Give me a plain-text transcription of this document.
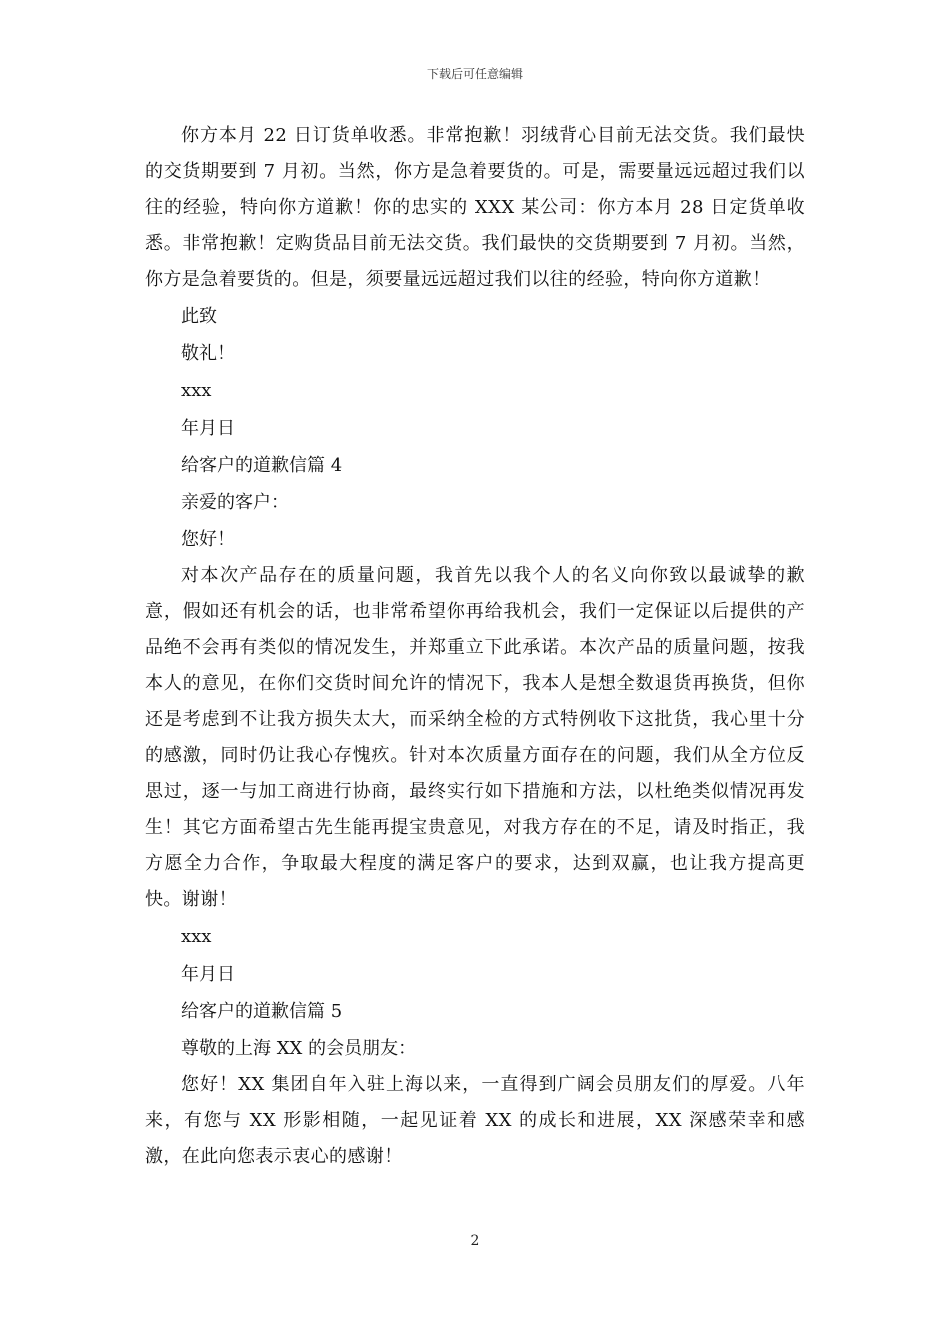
下载后可任意编辑

你方本月 22 日订货单收悉。非常抱歉！羽绒背心目前无法交货。我们最快的交货期要到 7 月初。当然，你方是急着要货的。可是，需要量远远超过我们以往的经验，特向你方道歉！你的忠实的 XXX 某公司：你方本月 28 日定货单收悉。非常抱歉！定购货品目前无法交货。我们最快的交货期要到 7 月初。当然，你方是急着要货的。但是，须要量远远超过我们以往的经验，特向你方道歉！

此致

敬礼！

xxx

年月日

给客户的道歉信篇 4

亲爱的客户：

您好！

对本次产品存在的质量问题，我首先以我个人的名义向你致以最诚挚的歉意，假如还有机会的话，也非常希望你再给我机会，我们一定保证以后提供的产品绝不会再有类似的情况发生，并郑重立下此承诺。本次产品的质量问题，按我本人的意见，在你们交货时间允许的情况下，我本人是想全数退货再换货，但你还是考虑到不让我方损失太大，而采纳全检的方式特例收下这批货，我心里十分的感激，同时仍让我心存愧疚。针对本次质量方面存在的问题，我们从全方位反思过，逐一与加工商进行协商，最终实行如下措施和方法，以杜绝类似情况再发生！其它方面希望古先生能再提宝贵意见，对我方存在的不足，请及时指正，我方愿全力合作，争取最大程度的满足客户的要求，达到双赢，也让我方提高更快。谢谢！

xxx

年月日

给客户的道歉信篇 5

尊敬的上海 XX 的会员朋友：

您好！XX 集团自年入驻上海以来，一直得到广阔会员朋友们的厚爱。八年来，有您与 XX 形影相随，一起见证着 XX 的成长和进展，XX 深感荣幸和感激，在此向您表示衷心的感谢！

2
